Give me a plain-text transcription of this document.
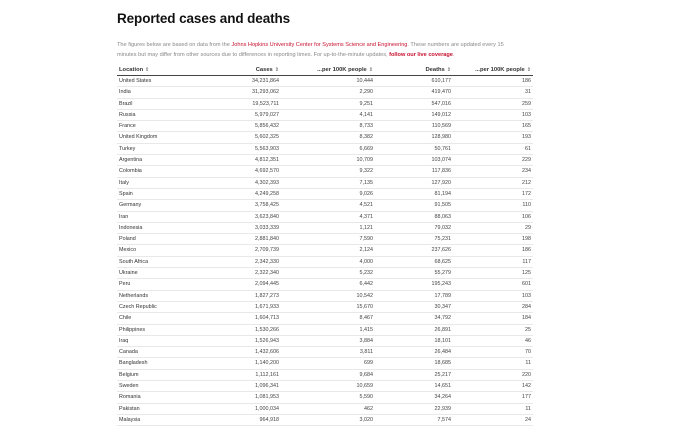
Reported cases and deaths
The figures below are based on data from the Johns Hopkins University Center for Systems Science and Engineering. These numbers are updated every 15 minutes but may differ from other sources due to differences in reporting times. For up-to-the-minute updates, follow our live coverage.
Location ⇕	Cases ⇕	...per 100K people ⇕	Deaths ⇕	...per 100K people ⇕
United States	34,231,864	10,444	610,177	186
India	31,293,062	2,290	419,470	31
Brazil	19,523,711	9,251	547,016	259
Russia	5,979,027	4,141	149,012	103
France	5,856,432	8,733	110,569	165
United Kingdom	5,602,325	8,382	128,980	193
Turkey	5,563,903	6,669	50,761	61
Argentina	4,812,351	10,709	103,074	229
Colombia	4,692,570	9,322	117,836	234
Italy	4,302,393	7,135	127,920	212
Spain	4,249,258	9,026	81,194	172
Germany	3,758,425	4,521	91,505	110
Iran	3,623,840	4,371	88,063	106
Indonesia	3,033,339	1,121	79,032	29
Poland	2,881,840	7,590	75,231	198
Mexico	2,709,739	2,124	237,626	186
South Africa	2,342,330	4,000	68,625	117
Ukraine	2,322,340	5,232	55,279	125
Peru	2,094,445	6,442	195,243	601
Netherlands	1,827,273	10,542	17,789	103
Czech Republic	1,671,933	15,670	30,347	284
Chile	1,604,713	8,467	34,792	184
Philippines	1,530,266	1,415	26,891	25
Iraq	1,526,943	3,884	18,101	46
Canada	1,432,606	3,811	26,484	70
Bangladesh	1,140,200	699	18,685	11
Belgium	1,112,161	9,684	25,217	220
Sweden	1,096,341	10,659	14,651	142
Romania	1,081,953	5,590	34,264	177
Pakistan	1,000,034	462	22,939	11
Malaysia	964,918	3,020	7,574	24
